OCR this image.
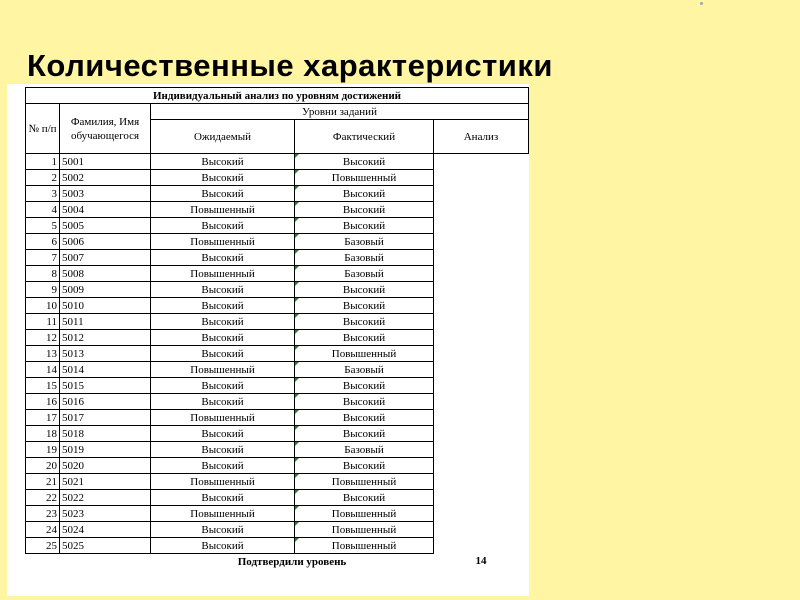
Количественные характеристики
Индивидуальный анализ по уровням достижений				
№ п/п	Фамилия, Имя обучающегося	Уровни заданий		
		Ожидаемый	Фактический	Анализ
1	5001	Высокий	Высокий	
2	5002	Высокий	Повышенный	
3	5003	Высокий	Высокий	
4	5004	Повышенный	Высокий	
5	5005	Высокий	Высокий	
6	5006	Повышенный	Базовый	
7	5007	Высокий	Базовый	
8	5008	Повышенный	Базовый	
9	5009	Высокий	Высокий	
10	5010	Высокий	Высокий	
11	5011	Высокий	Высокий	
12	5012	Высокий	Высокий	
13	5013	Высокий	Повышенный	
14	5014	Повышенный	Базовый	
15	5015	Высокий	Высокий	
16	5016	Высокий	Высокий	
17	5017	Повышенный	Высокий	
18	5018	Высокий	Высокий	
19	5019	Высокий	Базовый	
20	5020	Высокий	Высокий	
21	5021	Повышенный	Повышенный	
22	5022	Высокий	Высокий	
23	5023	Повышенный	Повышенный	
24	5024	Высокий	Повышенный	
25	5025	Высокий	Повышенный	
		Подтвердили уровень		14
